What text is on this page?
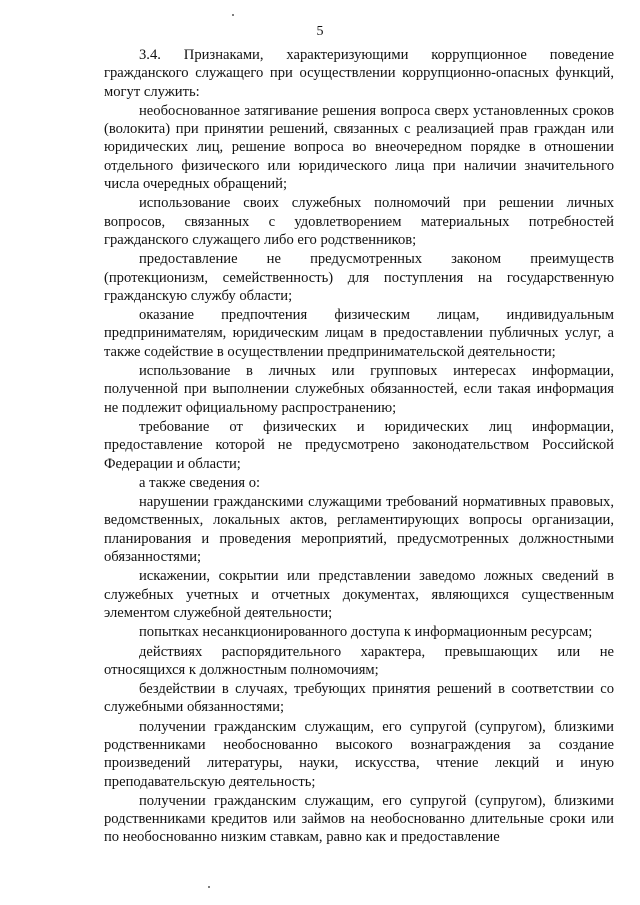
5

3.4. Признаками, характеризующими коррупционное поведение гражданского служащего при осуществлении коррупционно-опасных функций, могут служить:

необоснованное затягивание решения вопроса сверх установленных сроков (волокита) при принятии решений, связанных с реализацией прав граждан или юридических лиц, решение вопроса во внеочередном порядке в отношении отдельного физического или юридического лица при наличии значительного числа очередных обращений;

использование своих служебных полномочий при решении личных вопросов, связанных с удовлетворением материальных потребностей гражданского служащего либо его родственников;

предоставление не предусмотренных законом преимуществ (протекционизм, семейственность) для поступления на государственную гражданскую службу области;

оказание предпочтения физическим лицам, индивидуальным предпринимателям, юридическим лицам в предоставлении публичных услуг, а также содействие в осуществлении предпринимательской деятельности;

использование в личных или групповых интересах информации, полученной при выполнении служебных обязанностей, если такая информация не подлежит официальному распространению;

требование от физических и юридических лиц информации, предоставление которой не предусмотрено законодательством Российской Федерации и области;

а также сведения о:

нарушении гражданскими служащими требований нормативных правовых, ведомственных, локальных актов, регламентирующих вопросы организации, планирования и проведения мероприятий, предусмотренных должностными обязанностями;

искажении, сокрытии или представлении заведомо ложных сведений в служебных учетных и отчетных документах, являющихся существенным элементом служебной деятельности;

попытках несанкционированного доступа к информационным ресурсам;

действиях распорядительного характера, превышающих или не относящихся к должностным полномочиям;

бездействии в случаях, требующих принятия решений в соответствии со служебными обязанностями;

получении гражданским служащим, его супругой (супругом), близкими родственниками необоснованно высокого вознаграждения за создание произведений литературы, науки, искусства, чтение лекций и иную преподавательскую деятельность;

получении гражданским служащим, его супругой (супругом), близкими родственниками кредитов или займов на необоснованно длительные сроки или по необоснованно низким ставкам, равно как и предоставление
